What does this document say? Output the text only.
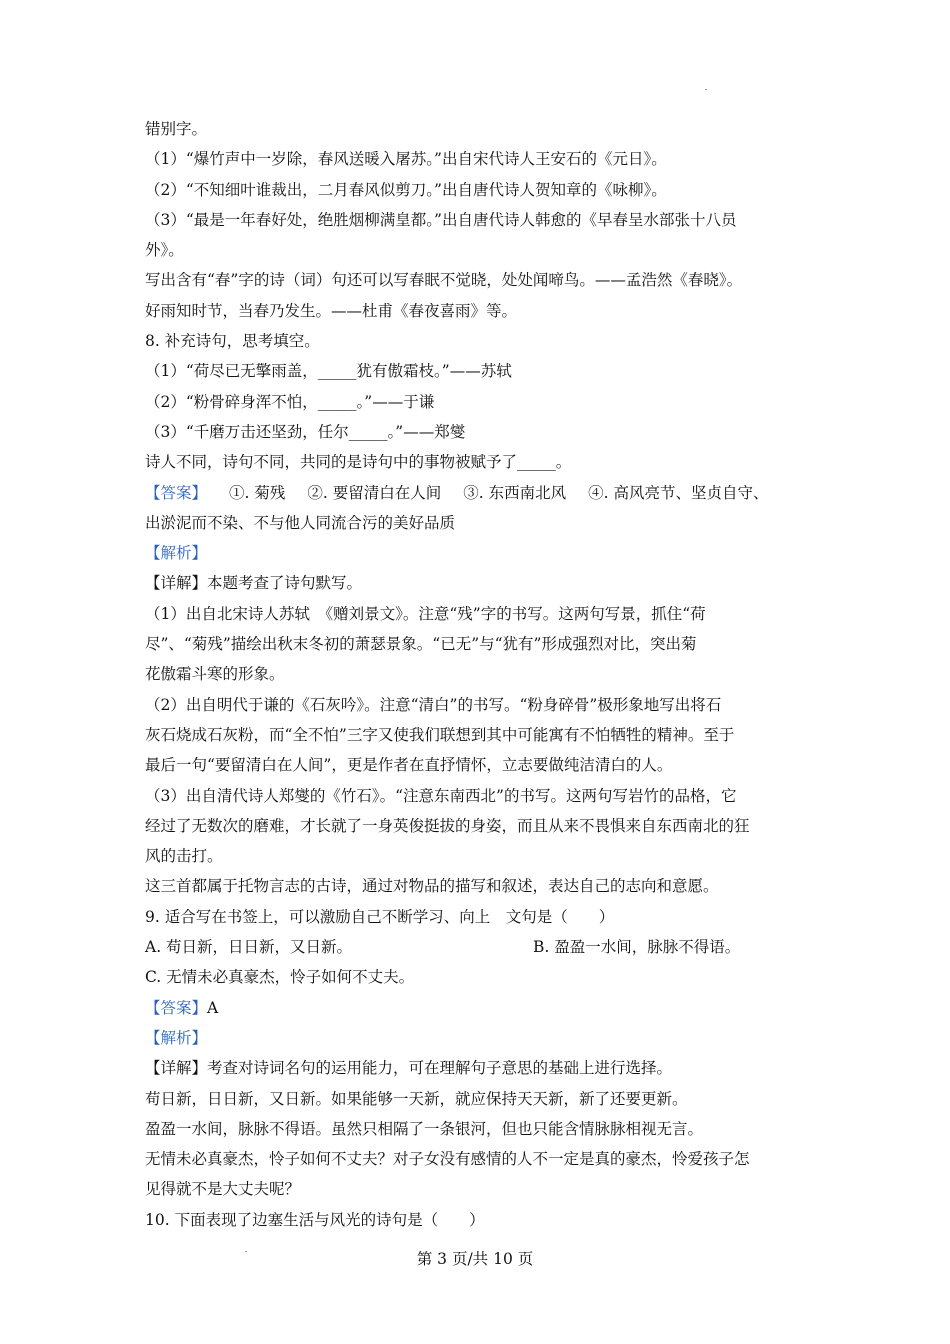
错别字。
（1）“爆竹声中一岁除，春风送暖入屠苏。”出自宋代诗人王安石的《元日》。
（2）“不知细叶谁裁出，二月春风似剪刀。”出自唐代诗人贺知章的《咏柳》。
（3）“最是一年春好处，绝胜烟柳满皇都。”出自唐代诗人韩愈的《早春呈水部张十八员
外》。
写出含有“春”字的诗（词）句还可以写春眠不觉晓，处处闻啼鸟。——孟浩然《春晓》。
好雨知时节，当春乃发生。——杜甫《春夜喜雨》等。
8. 补充诗句，思考填空。
（1）“荷尽已无擎雨盖，_____犹有傲霜枝。”——苏轼
（2）“粉骨碎身浑不怕，_____。”——于谦
（3）“千磨万击还坚劲，任尔_____。”——郑燮
诗人不同，诗句不同，共同的是诗句中的事物被赋予了_____。
【答案】 ①. 菊残 ②. 要留清白在人间 ③. 东西南北风 ④. 高风亮节、坚贞自守、
出淤泥而不染、不与他人同流合污的美好品质
【解析】
【详解】本题考查了诗句默写。
（1）出自北宋诗人苏轼　《赠刘景文》。注意“残”字的书写。这两句写景，抓住“荷
尽”、“菊残”描绘出秋末冬初的萧瑟景象。“已无”与“犹有”形成强烈对比，突出菊
花傲霜斗寒的形象。
（2）出自明代于谦的《石灰吟》。注意“清白”的书写。“粉身碎骨”极形象地写出将石
灰石烧成石灰粉，而“全不怕”三字又使我们联想到其中可能寓有不怕牺牲的精神。至于
最后一句“要留清白在人间”，更是作者在直抒情怀，立志要做纯洁清白的人。
（3）出自清代诗人郑燮的《竹石》。“注意东南西北”的书写。这两句写岩竹的品格，它
经过了无数次的磨难，才长就了一身英俊挺拔的身姿，而且从来不畏惧来自东西南北的狂
风的击打。
这三首都属于托物言志的古诗，通过对物品的描写和叙述，表达自己的志向和意愿。
9. 适合写在书签上，可以激励自己不断学习、向上　文句是（　　）
A. 苟日新，日日新，又日新。	B. 盈盈一水间，脉脉不得语。
C. 无情未必真豪杰，怜子如何不丈夫。
【答案】A
【解析】
【详解】考查对诗词名句的运用能力，可在理解句子意思的基础上进行选择。
苟日新，日日新，又日新。如果能够一天新，就应保持天天新，新了还要更新。
盈盈一水间，脉脉不得语。虽然只相隔了一条银河，但也只能含情脉脉相视无言。
无情未必真豪杰，怜子如何不丈夫？对子女没有感情的人不一定是真的豪杰，怜爱孩子怎
见得就不是大丈夫呢？
10. 下面表现了边塞生活与风光的诗句是（　　）
第 3 页/共 10 页
